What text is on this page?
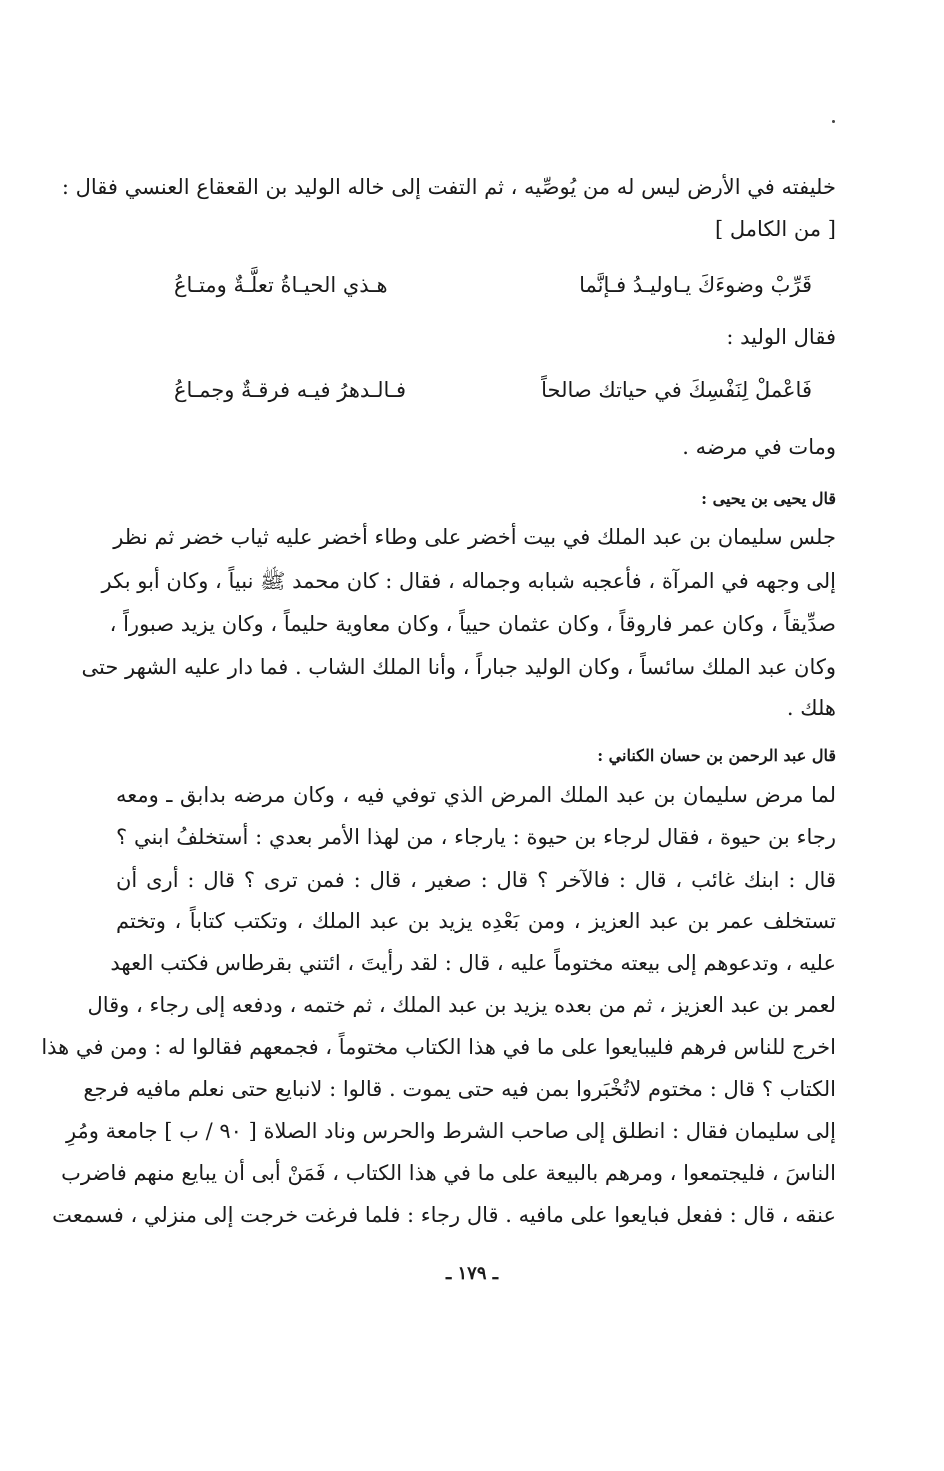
خليفته في الأرض ليس له من يُوصِّيه ، ثم التفت إلى خاله الوليد بن القعقاع العنسي فقال :
[ من الكامل ]
قَرِّبْ وضوءَكَ يـاوليـدُ فـإنَّما
هـذي الحيـاةُ تعلَّـةٌ ومتـاعُ
فقال الوليد :
فَاعْملْ لِنَفْسِكَ في حياتك صالحاً
فـالـدهرُ فيـه فرقـةٌ وجمـاعُ
ومات في مرضه .
قال يحيى بن يحيى :
جلس سليمان بن عبد الملك في بيت أخضر على وطاء أخضر عليه ثياب خضر ثم نظر
إلى وجهه في المرآة ، فأعجبه شبابه وجماله ، فقال : كان محمد ﷺ نبياً ، وكان أبو بكر
صدِّيقاً ، وكان عمر فاروقاً ، وكان عثمان حيياً ، وكان معاوية حليماً ، وكان يزيد صبوراً ،
وكان عبد الملك سائساً ، وكان الوليد جباراً ، وأنا الملك الشاب . فما دار عليه الشهر حتى
هلك .
قال عبد الرحمن بن حسان الكناني :
لما مرض سليمان بن عبد الملك المرض الذي توفي فيه ، وكان مرضه بدابق ـ ومعه
رجاء بن حيوة ، فقال لرجاء بن حيوة : يارجاء ، من لهذا الأمر بعدي : أستخلفُ ابني ؟
قال : ابنك غائب ، قال : فالآخر ؟ قال : صغير ، قال : فمن ترى ؟ قال : أرى أن
تستخلف عمر بن عبد العزيز ، ومن بَعْدِه يزيد بن عبد الملك ، وتكتب كتاباً ، وتختم
عليه ، وتدعوهم إلى بيعته مختوماً عليه ، قال : لقد رأيتَ ، ائتني بقرطاس فكتب العهد
لعمر بن عبد العزيز ، ثم من بعده يزيد بن عبد الملك ، ثم ختمه ، ودفعه إلى رجاء ، وقال
اخرج للناس فرهم فليبايعوا على ما في هذا الكتاب مختوماً ، فجمعهم فقالوا له : ومن في هذا
الكتاب ؟ قال : مختوم لاتُخْبَروا بمن فيه حتى يموت . قالوا : لانبايع حتى نعلم مافيه فرجع
إلى سليمان فقال : انطلق إلى صاحب الشرط والحرس وناد الصلاة [ ٩٠ / ب ] جامعة ومُرِ
الناسَ ، فليجتمعوا ، ومرهم بالبيعة على ما في هذا الكتاب ، فَمَنْ أبى أن يبايع منهم فاضرب
عنقه ، قال : ففعل فبايعوا على مافيه . قال رجاء : فلما فرغت خرجت إلى منزلي ، فسمعت
ـ ١٧٩ ـ
